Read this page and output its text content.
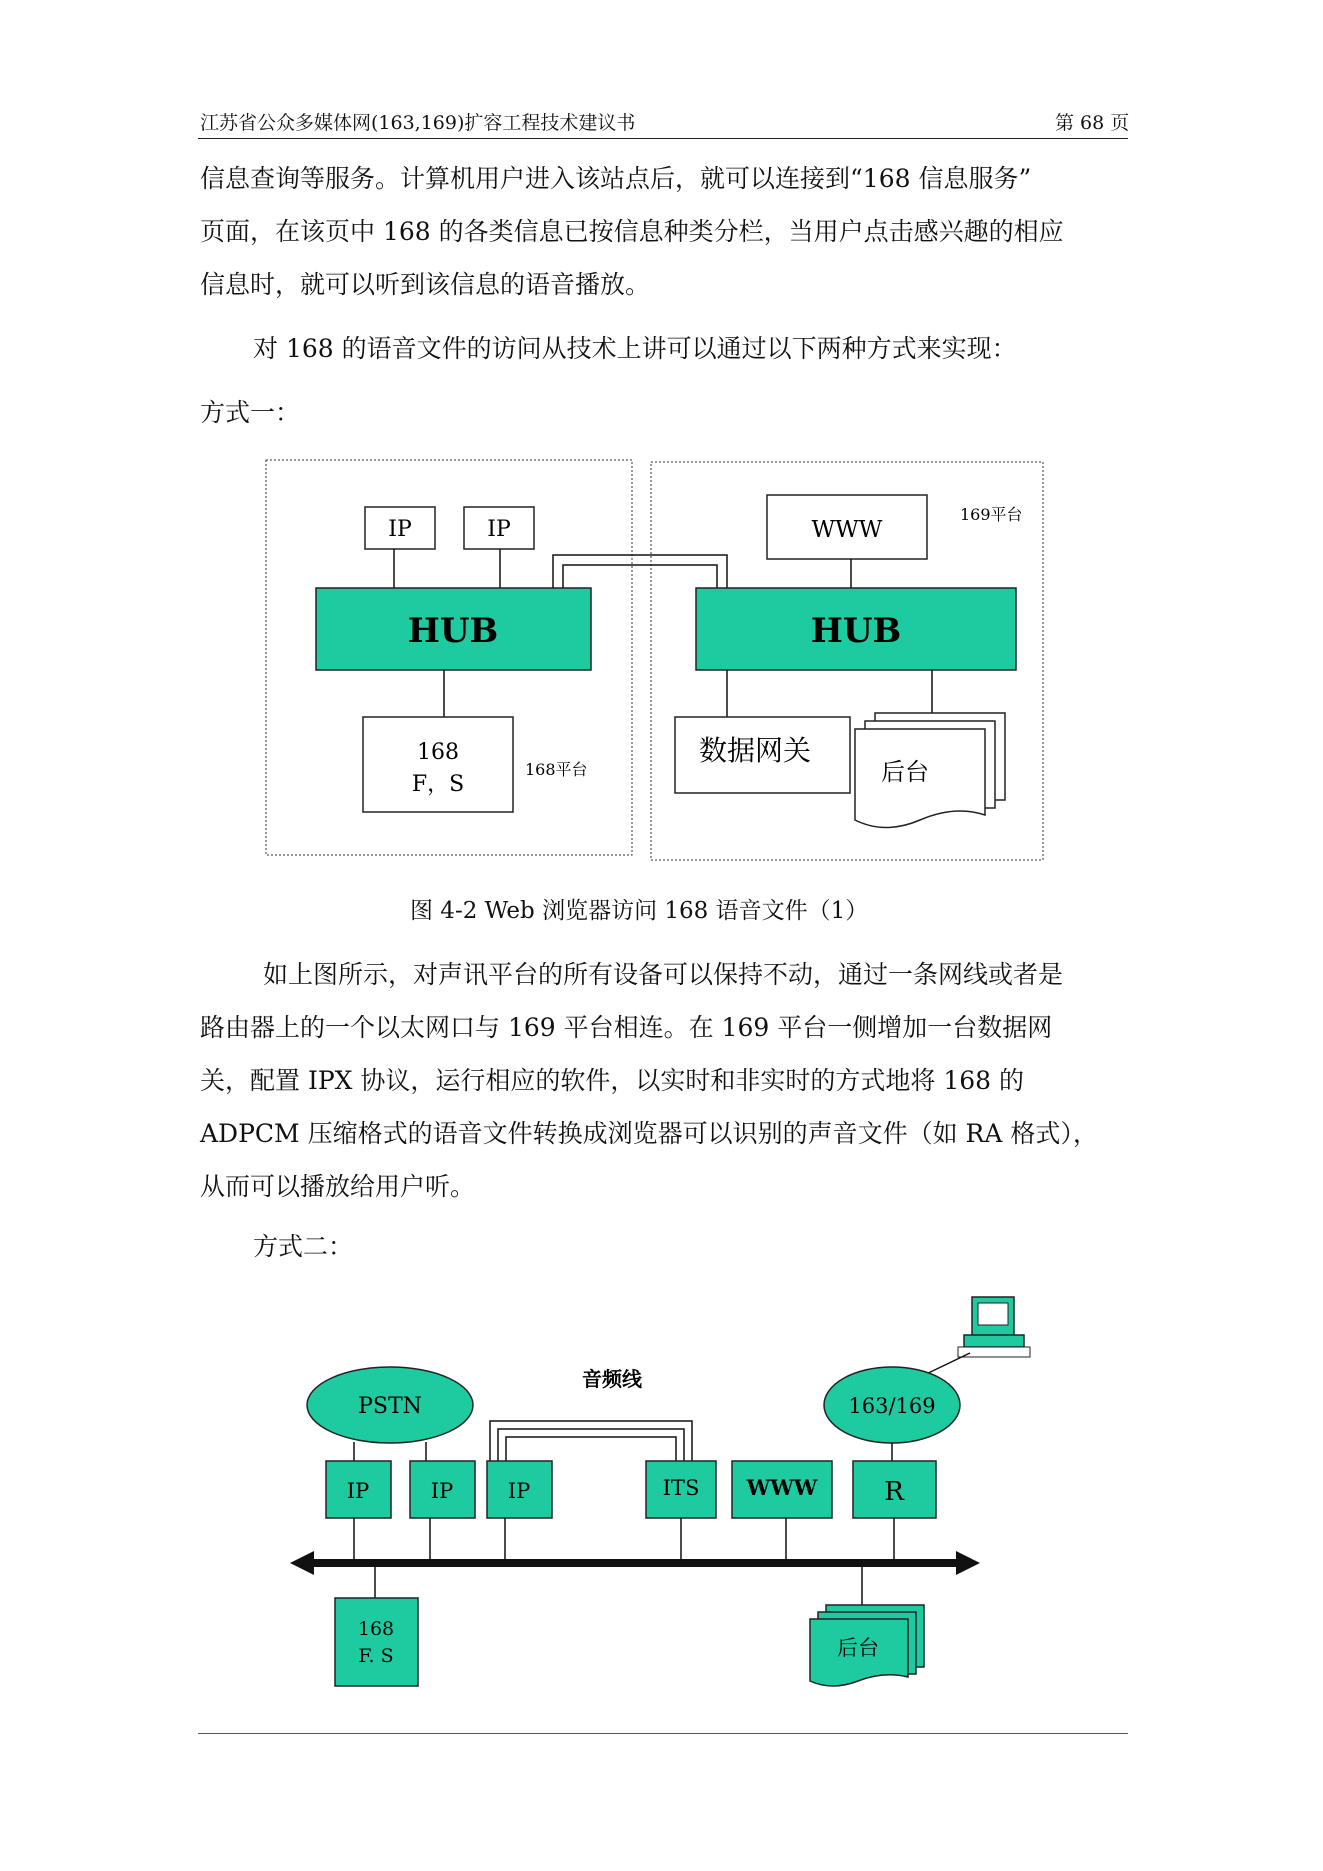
江苏省公众多媒体网(163,169)扩容工程技术建议书	第 68 页

信息查询等服务。计算机用户进入该站点后，就可以连接到“168 信息服务”

页面，在该页中 168 的各类信息已按信息种类分栏，当用户点击感兴趣的相应

信息时，就可以听到该信息的语音播放。

对 168 的语音文件的访问从技术上讲可以通过以下两种方式来实现：
方式一：
IP	IP
HUB
168
F，S
168平台
WWW
169平台
HUB
数据网关
后台
图 4-2 Web 浏览器访问 168 语音文件（1）

如上图所示，对声讯平台的所有设备可以保持不动，通过一条网线或者是

路由器上的一个以太网口与 169 平台相连。在 169 平台一侧增加一台数据网

关，配置 IPX 协议，运行相应的软件，以实时和非实时的方式地将 168 的

ADPCM 压缩格式的语音文件转换成浏览器可以识别的声音文件（如 RA 格式），

从而可以播放给用户听。

方式二：
音频线
PSTN	163/169
IP	IP	IP	ITS WWW	R
168
F. S	后台
